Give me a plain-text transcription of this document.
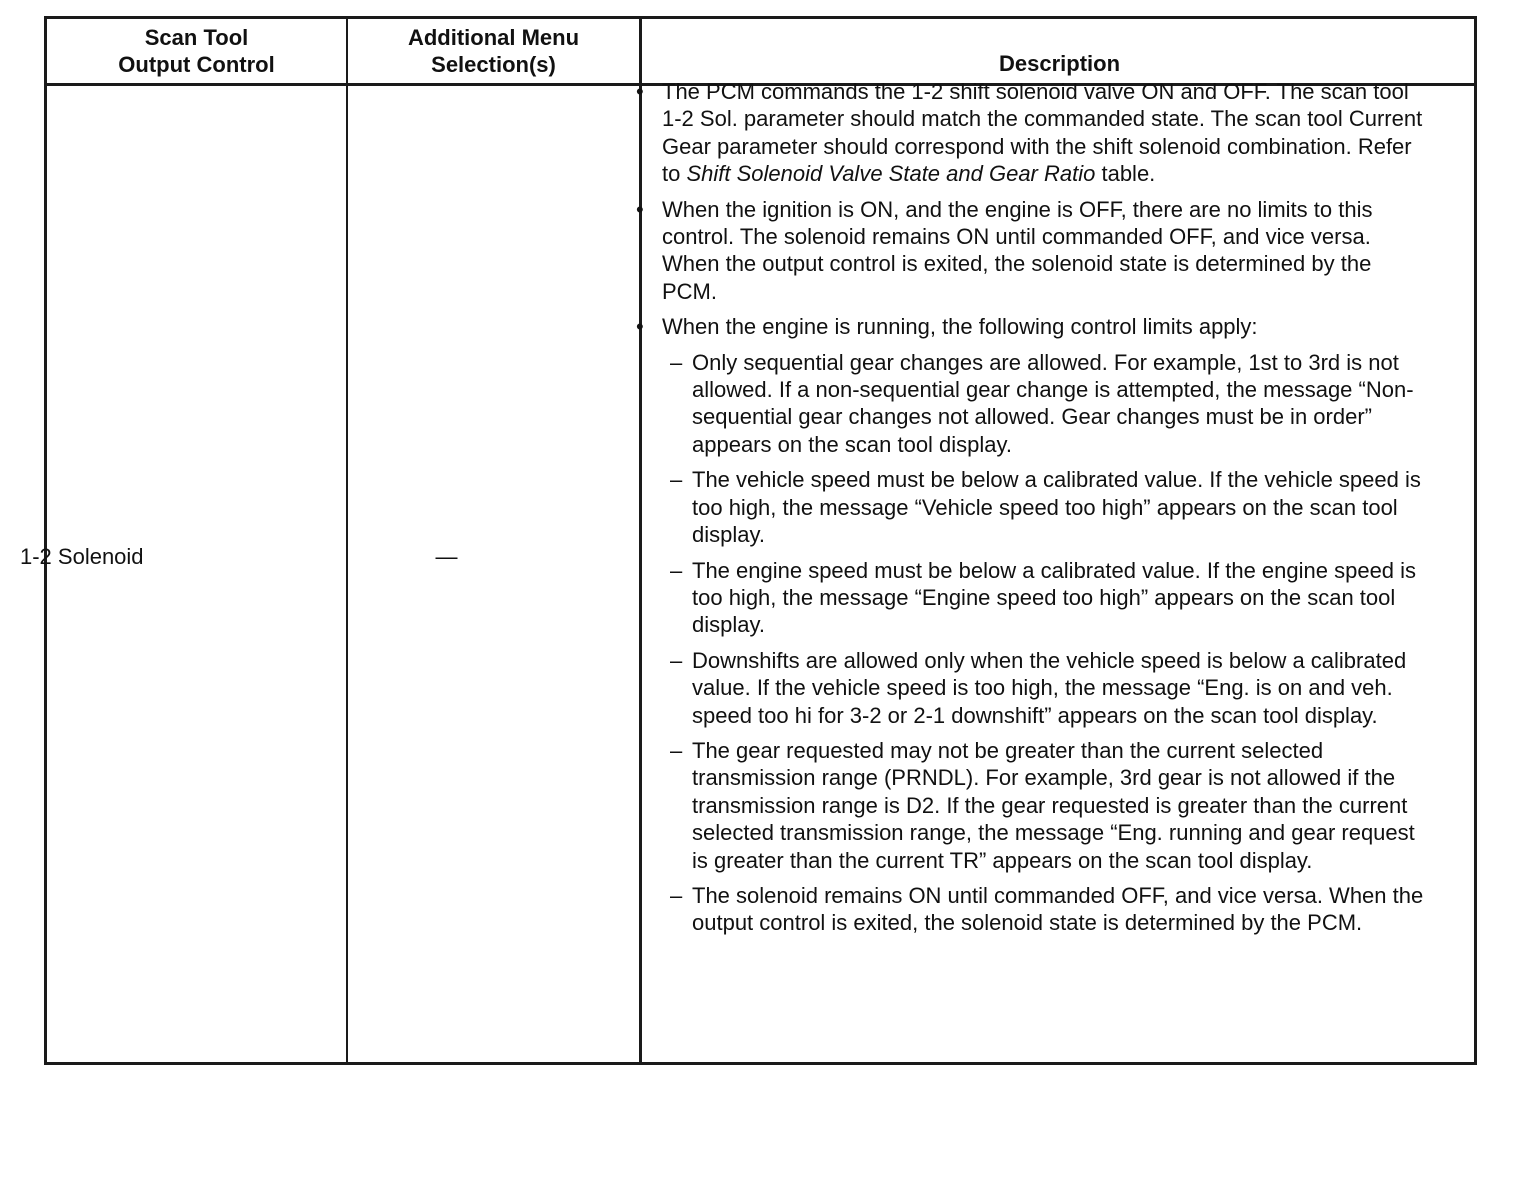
Scan Tool
Output Control
Additional Menu
Selection(s)	Description
1-2 Solenoid	—
• The PCM commands the 1-2 shift solenoid valve ON and OFF. The scan tool 1-2 Sol. parameter should match the commanded state. The scan tool Current Gear parameter should correspond with the shift solenoid combination. Refer to Shift Solenoid Valve State and Gear Ratio table.
• When the ignition is ON, and the engine is OFF, there are no limits to this control. The solenoid remains ON until commanded OFF, and vice versa. When the output control is exited, the solenoid state is determined by the PCM.
• When the engine is running, the following control limits apply:
– Only sequential gear changes are allowed. For example, 1st to 3rd is not allowed. If a non-sequential gear change is attempted, the message “Non-sequential gear changes not allowed. Gear changes must be in order” appears on the scan tool display.
– The vehicle speed must be below a calibrated value. If the vehicle speed is too high, the message “Vehicle speed too high” appears on the scan tool display.
– The engine speed must be below a calibrated value. If the engine speed is too high, the message “Engine speed too high” appears on the scan tool display.
– Downshifts are allowed only when the vehicle speed is below a calibrated value. If the vehicle speed is too high, the message “Eng. is on and veh. speed too hi for 3-2 or 2-1 downshift” appears on the scan tool display.
– The gear requested may not be greater than the current selected transmission range (PRNDL). For example, 3rd gear is not allowed if the transmission range is D2. If the gear requested is greater than the current selected transmission range, the message “Eng. running and gear request is greater than the current TR” appears on the scan tool display.
– The solenoid remains ON until commanded OFF, and vice versa. When the output control is exited, the solenoid state is determined by the PCM.
